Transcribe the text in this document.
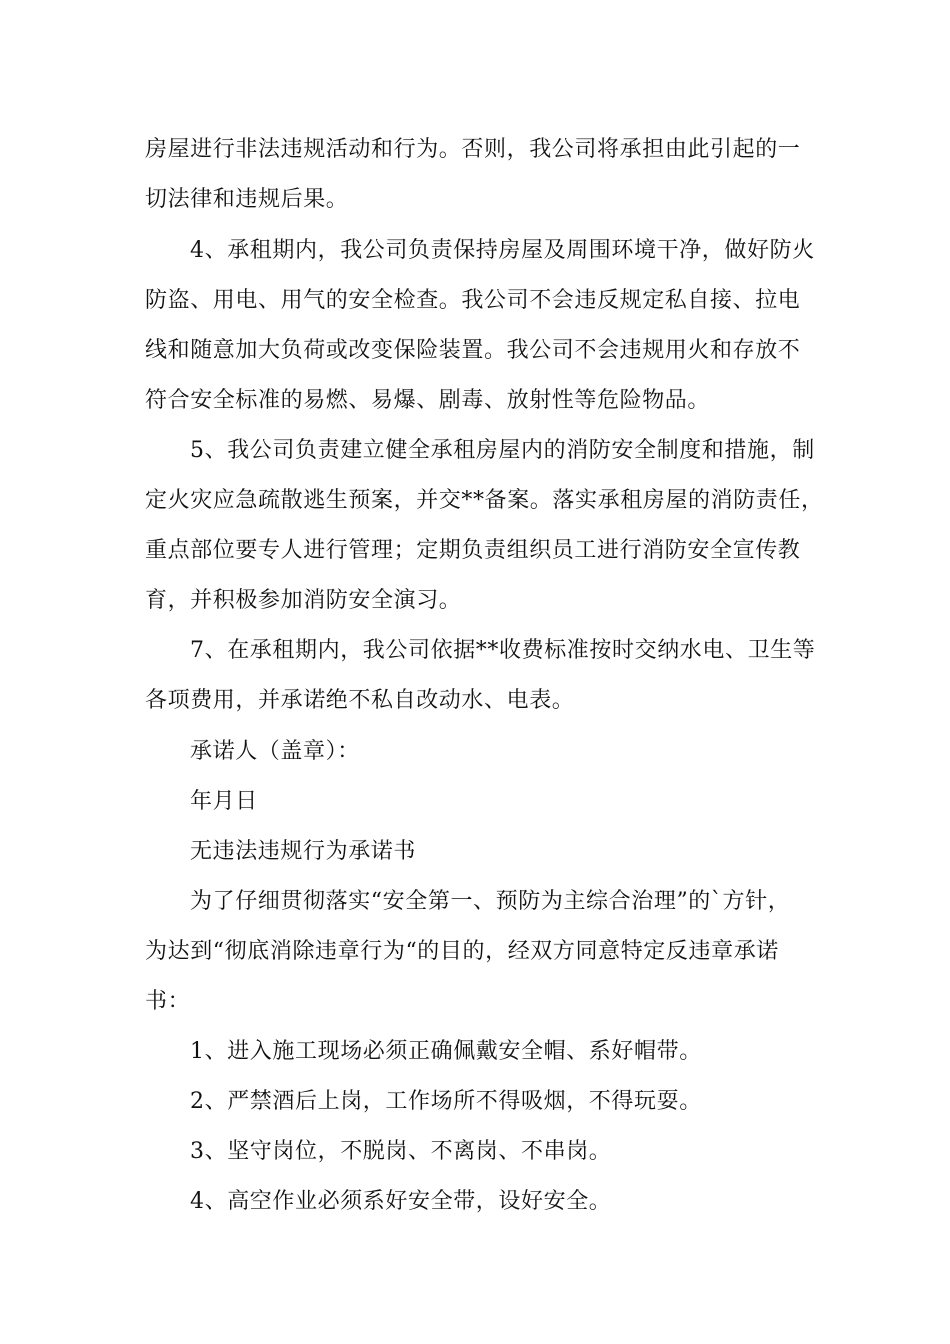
房屋进行非法违规活动和行为。否则，我公司将承担由此引起的一
切法律和违规后果。
4、承租期内，我公司负责保持房屋及周围环境干净，做好防火
防盗、用电、用气的安全检查。我公司不会违反规定私自接、拉电
线和随意加大负荷或改变保险装置。我公司不会违规用火和存放不
符合安全标准的易燃、易爆、剧毒、放射性等危险物品。
5、我公司负责建立健全承租房屋内的消防安全制度和措施，制
定火灾应急疏散逃生预案，并交**备案。落实承租房屋的消防责任，
重点部位要专人进行管理；定期负责组织员工进行消防安全宣传教
育，并积极参加消防安全演习。
7、在承租期内，我公司依据**收费标准按时交纳水电、卫生等
各项费用，并承诺绝不私自改动水、电表。
承诺人（盖章）：
年月日
无违法违规行为承诺书
为了仔细贯彻落实“安全第一、预防为主综合治理”的`方针，
为达到“彻底消除违章行为“的目的，经双方同意特定反违章承诺
书：
1、进入施工现场必须正确佩戴安全帽、系好帽带。
2、严禁酒后上岗，工作场所不得吸烟，不得玩耍。
3、坚守岗位，不脱岗、不离岗、不串岗。
4、高空作业必须系好安全带，设好安全。
